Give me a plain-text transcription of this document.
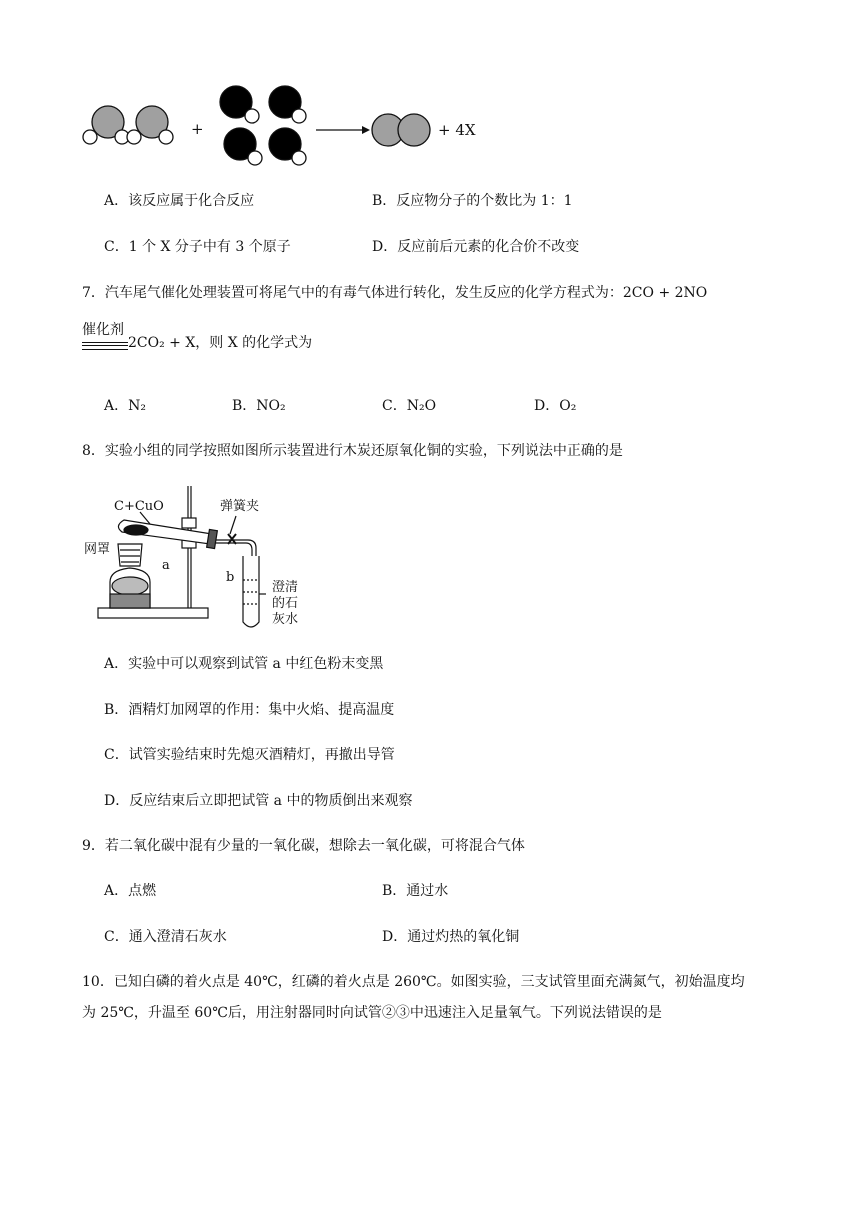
+	+ 4X
A．该反应属于化合反应	B．反应物分子的个数比为 1：1
C．1 个 X 分子中有 3 个原子	D．反应前后元素的化合价不改变
7．汽车尾气催化处理装置可将尾气中的有毒气体进行转化，发生反应的化学方程式为：2CO + 2NO
催化剂
2CO₂ + X，则 X 的化学式为
A．N₂	B．NO₂	C．N₂O	D．O₂
8．实验小组的同学按照如图所示装置进行木炭还原氧化铜的实验，下列说法中正确的是
C+CuO	弹簧夹
网罩
a
b
澄清
的石
灰水
A．实验中可以观察到试管 a 中红色粉末变黑
B．酒精灯加网罩的作用：集中火焰、提高温度
C．试管实验结束时先熄灭酒精灯，再撤出导管
D．反应结束后立即把试管 a 中的物质倒出来观察
9．若二氧化碳中混有少量的一氧化碳，想除去一氧化碳，可将混合气体
A．点燃	B．通过水
C．通入澄清石灰水	D．通过灼热的氧化铜
10．已知白磷的着火点是 40℃，红磷的着火点是 260℃。如图实验，三支试管里面充满氮气，初始温度均
为 25℃，升温至 60℃后，用注射器同时向试管②③中迅速注入足量氧气。下列说法错误的是
